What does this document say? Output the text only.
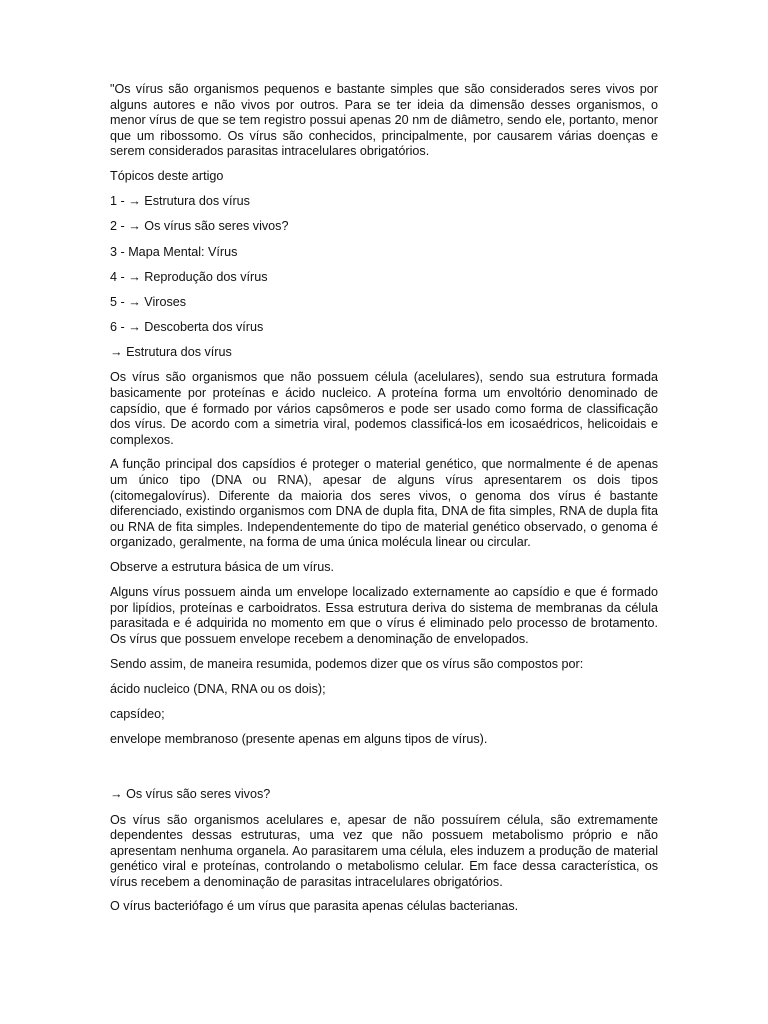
"Os vírus são organismos pequenos e bastante simples que são considerados seres vivos por alguns autores e não vivos por outros. Para se ter ideia da dimensão desses organismos, o menor vírus de que se tem registro possui apenas 20 nm de diâmetro, sendo ele, portanto, menor que um ribossomo. Os vírus são conhecidos, principalmente, por causarem várias doenças e serem considerados parasitas intracelulares obrigatórios.

Tópicos deste artigo

1 - → Estrutura dos vírus

2 - → Os vírus são seres vivos?

3 - Mapa Mental: Vírus

4 - → Reprodução dos vírus

5 - → Viroses

6 - → Descoberta dos vírus

→ Estrutura dos vírus

Os vírus são organismos que não possuem célula (acelulares), sendo sua estrutura formada basicamente por proteínas e ácido nucleico. A proteína forma um envoltório denominado de capsídio, que é formado por vários capsômeros e pode ser usado como forma de classificação dos vírus. De acordo com a simetria viral, podemos classificá-los em icosaédricos, helicoidais e complexos.

A função principal dos capsídios é proteger o material genético, que normalmente é de apenas um único tipo (DNA ou RNA), apesar de alguns vírus apresentarem os dois tipos (citomegalovírus). Diferente da maioria dos seres vivos, o genoma dos vírus é bastante diferenciado, existindo organismos com DNA de dupla fita, DNA de fita simples, RNA de dupla fita ou RNA de fita simples. Independentemente do tipo de material genético observado, o genoma é organizado, geralmente, na forma de uma única molécula linear ou circular.

Observe a estrutura básica de um vírus.

Alguns vírus possuem ainda um envelope localizado externamente ao capsídio e que é formado por lipídios, proteínas e carboidratos. Essa estrutura deriva do sistema de membranas da célula parasitada e é adquirida no momento em que o vírus é eliminado pelo processo de brotamento. Os vírus que possuem envelope recebem a denominação de envelopados.

Sendo assim, de maneira resumida, podemos dizer que os vírus são compostos por:

ácido nucleico (DNA, RNA ou os dois);

capsídeo;

envelope membranoso (presente apenas em alguns tipos de vírus).

→ Os vírus são seres vivos?

Os vírus são organismos acelulares e, apesar de não possuírem célula, são extremamente dependentes dessas estruturas, uma vez que não possuem metabolismo próprio e não apresentam nenhuma organela. Ao parasitarem uma célula, eles induzem a produção de material genético viral e proteínas, controlando o metabolismo celular. Em face dessa característica, os vírus recebem a denominação de parasitas intracelulares obrigatórios.

O vírus bacteriófago é um vírus que parasita apenas células bacterianas.
